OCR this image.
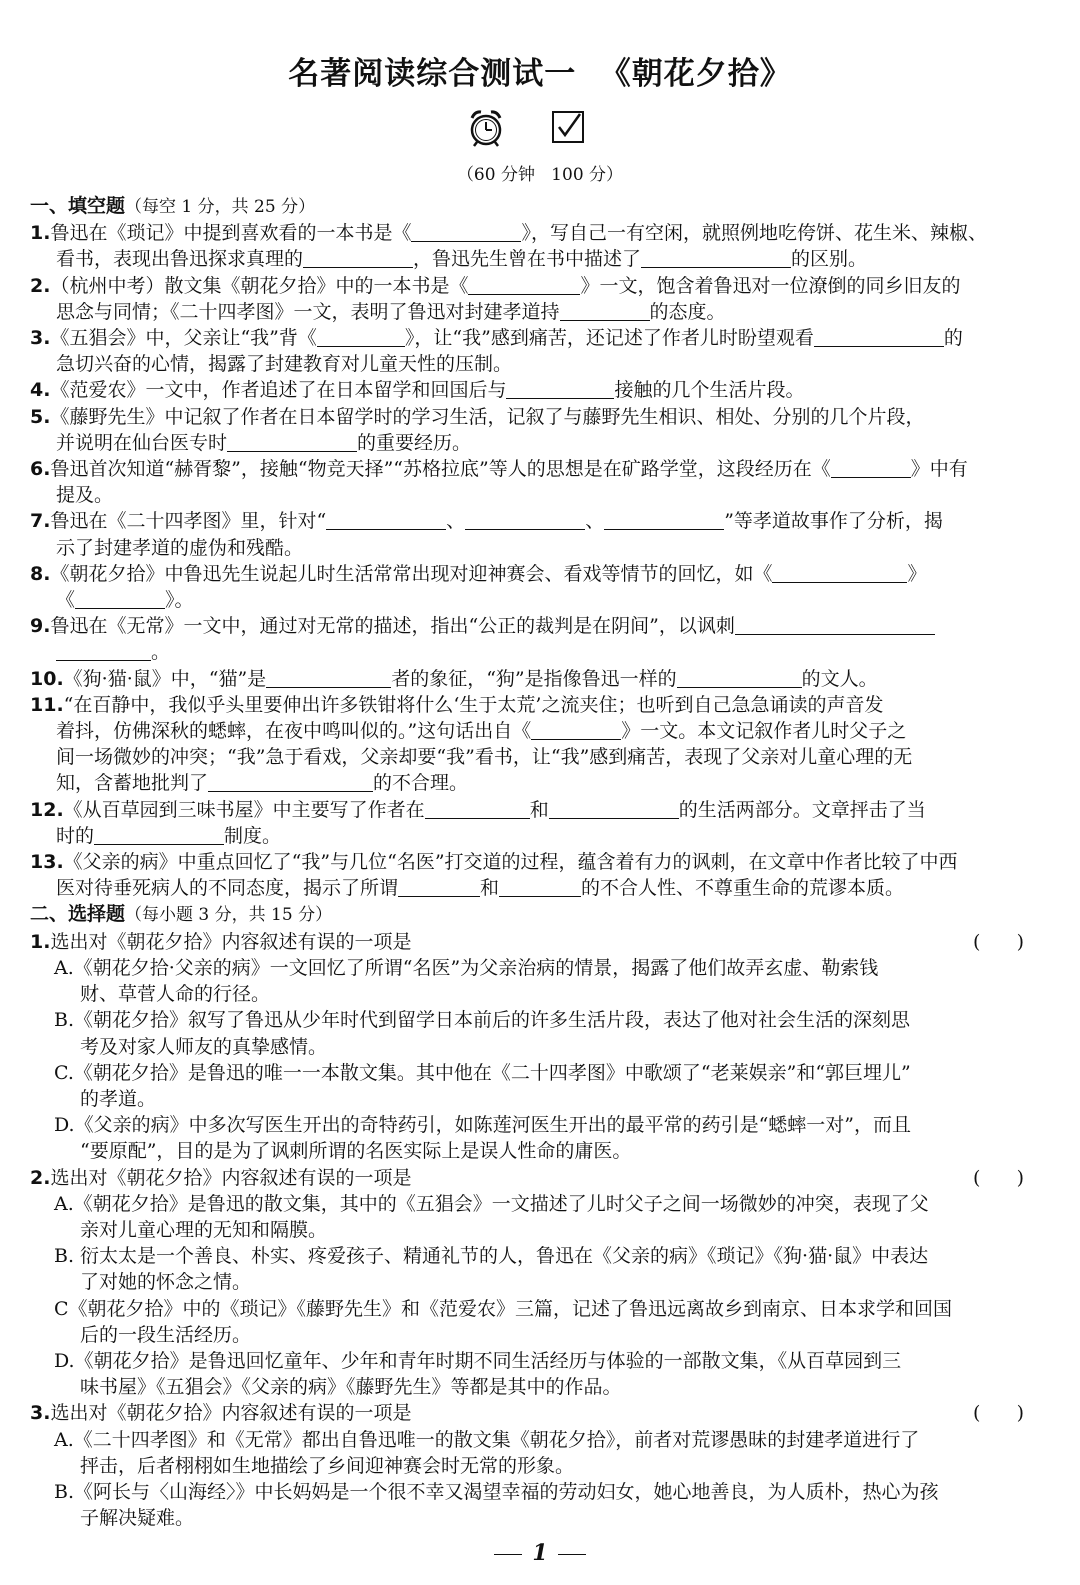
名著阅读综合测试一  《朝花夕拾》
（60 分钟   100 分）
一、填空题（每空 1 分，共 25 分）
1.鲁迅在《琐记》中提到喜欢看的一本书是《	》，写自己一有空闲，就照例地吃侉饼、花生米、辣椒、
看书，表现出鲁迅探求真理的	，鲁迅先生曾在书中描述了	的区别。
2.（杭州中考）散文集《朝花夕拾》中的一本书是《	》一文，饱含着鲁迅对一位潦倒的同乡旧友的
思念与同情；《二十四孝图》一文，表明了鲁迅对封建孝道持	的态度。
3.《五猖会》中，父亲让“我”背《	》，让“我”感到痛苦，还记述了作者儿时盼望观看	的
急切兴奋的心情，揭露了封建教育对儿童天性的压制。
4.《范爱农》一文中，作者追述了在日本留学和回国后与	接触的几个生活片段。
5.《藤野先生》中记叙了作者在日本留学时的学习生活，记叙了与藤野先生相识、相处、分别的几个片段，
并说明在仙台医专时	的重要经历。
6.鲁迅首次知道“赫胥黎”，接触“物竞天择”“苏格拉底”等人的思想是在矿路学堂，这段经历在《	》中有
提及。
7.鲁迅在《二十四孝图》里，针对“	、	、	”等孝道故事作了分析，揭
示了封建孝道的虚伪和残酷。
8.《朝花夕拾》中鲁迅先生说起儿时生活常常出现对迎神赛会、看戏等情节的回忆，如《	》
《	》。
9.鲁迅在《无常》一文中，通过对无常的描述，指出“公正的裁判是在阴间”，以讽刺
。
10.《狗·猫·鼠》中，“猫”是	者的象征，“狗”是指像鲁迅一样的	的文人。
11.“在百静中，我似乎头里要伸出许多铁钳将什么‘生于太荒’之流夹住；也听到自己急急诵读的声音发
着抖，仿佛深秋的蟋蟀，在夜中鸣叫似的。”这句话出自《	》一文。本文记叙作者儿时父子之
间一场微妙的冲突；“我”急于看戏，父亲却要“我”看书，让“我”感到痛苦，表现了父亲对儿童心理的无
知，含蓄地批判了	的不合理。
12.《从百草园到三味书屋》中主要写了作者在	和	的生活两部分。文章抨击了当
时的	制度。
13.《父亲的病》中重点回忆了“我”与几位“名医”打交道的过程，蕴含着有力的讽刺，在文章中作者比较了中西
医对待垂死病人的不同态度，揭示了所谓	和	的不合人性、不尊重生命的荒谬本质。
二、选择题（每小题 3 分，共 15 分）
1.选出对《朝花夕拾》内容叙述有误的一项是	(      )
A.《朝花夕拾·父亲的病》一文回忆了所谓“名医”为父亲治病的情景，揭露了他们故弄玄虚、勒索钱
财、草菅人命的行径。
B.《朝花夕拾》叙写了鲁迅从少年时代到留学日本前后的许多生活片段，表达了他对社会生活的深刻思
考及对家人师友的真挚感情。
C.《朝花夕拾》是鲁迅的唯一一本散文集。其中他在《二十四孝图》中歌颂了“老莱娱亲”和“郭巨埋儿”
的孝道。
D.《父亲的病》中多次写医生开出的奇特药引，如陈莲河医生开出的最平常的药引是“蟋蟀一对”，而且
“要原配”，目的是为了讽刺所谓的名医实际上是误人性命的庸医。
2.选出对《朝花夕拾》内容叙述有误的一项是	(      )
A.《朝花夕拾》是鲁迅的散文集，其中的《五猖会》一文描述了儿时父子之间一场微妙的冲突，表现了父
亲对儿童心理的无知和隔膜。
B. 衍太太是一个善良、朴实、疼爱孩子、精通礼节的人，鲁迅在《父亲的病》《琐记》《狗·猫·鼠》中表达
了对她的怀念之情。
C《朝花夕拾》中的《琐记》《藤野先生》和《范爱农》三篇，记述了鲁迅远离故乡到南京、日本求学和回国
后的一段生活经历。
D.《朝花夕拾》是鲁迅回忆童年、少年和青年时期不同生活经历与体验的一部散文集，《从百草园到三
味书屋》《五猖会》《父亲的病》《藤野先生》等都是其中的作品。
3.选出对《朝花夕拾》内容叙述有误的一项是	(      )
A.《二十四孝图》和《无常》都出自鲁迅唯一的散文集《朝花夕拾》，前者对荒谬愚昧的封建孝道进行了
抨击，后者栩栩如生地描绘了乡间迎神赛会时无常的形象。
B.《阿长与〈山海经〉》中长妈妈是一个很不幸又渴望幸福的劳动妇女，她心地善良，为人质朴，热心为孩
子解决疑难。
1
